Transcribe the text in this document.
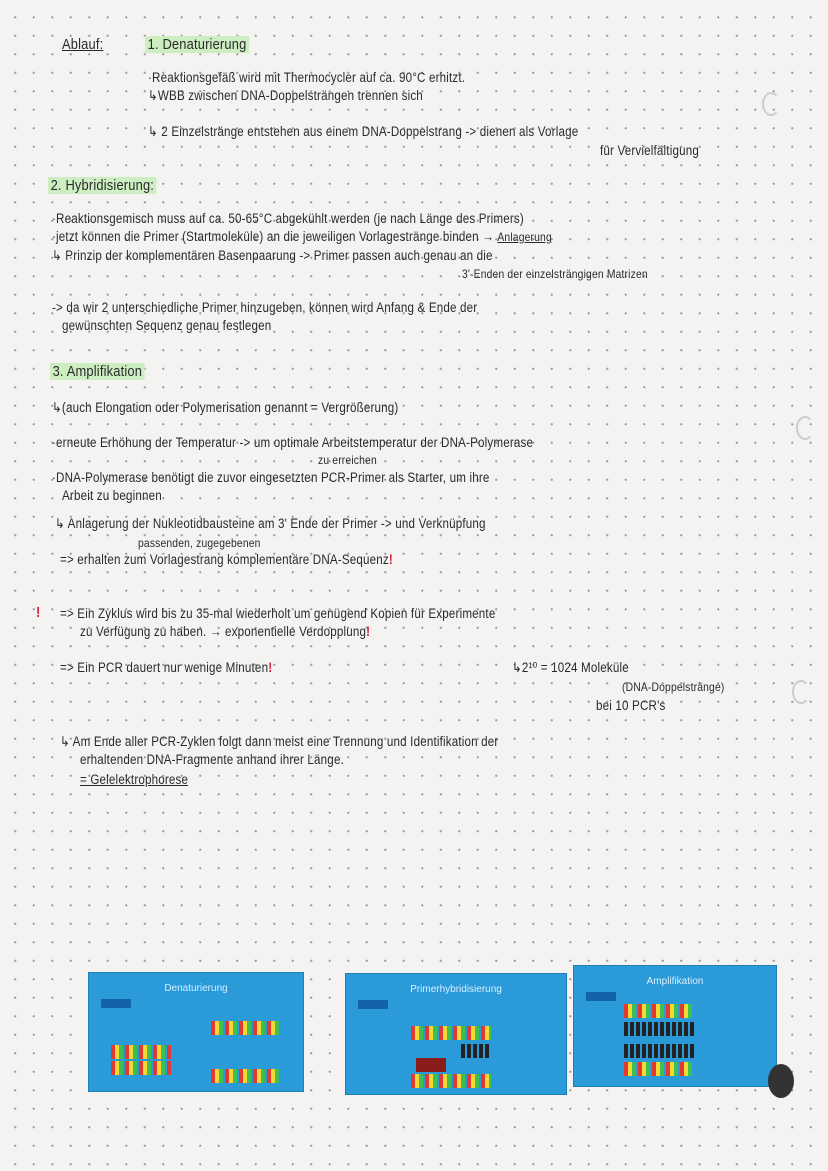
Ablauf:	1. Denaturierung
·Reaktionsgefäß wird mit Thermocycler auf ca. 90°C erhitzt.
↳WBB zwischen DNA-Doppelsträngen trennen sich
↳ 2 Einzelstränge entstehen aus einem DNA-Doppelstrang -> dienen als Vorlage
für Vervielfältigung
2. Hybridisierung:
·Reaktionsgemisch muss auf ca. 50-65°C abgekühlt werden (je nach Länge des Primers)
·jetzt können die Primer (Startmoleküle) an die jeweiligen Vorlagestränge binden → Anlagerung
↳ Prinzip der komplementären Basenpaarung -> Primer passen auch genau an die
3'-Enden der einzelsträngigen Matrizen
-> da wir 2 unterschiedliche Primer hinzugeben, können wird Anfang & Ende der
gewünschten Sequenz genau festlegen
3. Amplifikation
↳(auch Elongation oder Polymerisation genannt = Vergrößerung)
·erneute Erhöhung der Temperatur -> um optimale Arbeitstemperatur der DNA-Polymerase
zu erreichen
·DNA-Polymerase benötigt die zuvor eingesetzten PCR-Primer als Starter, um ihre
Arbeit zu beginnen
↳ Anlagerung der Nukleotidbausteine am 3' Ende der Primer -> und Verknüpfung
passenden, zugegebenen
=> erhalten zum Vorlagestrang komplementäre DNA-Sequenz!
! => Ein Zyklus wird bis zu 35-mal wiederholt um genügend Kopien für Experimente
zu Verfügung zu haben. → exponentielle Verdopplung!
=> Ein PCR dauert nur wenige Minuten!	↳2¹⁰ = 1024 Moleküle
(DNA-Doppelstränge)
bei 10 PCR's
↳ Am Ende aller PCR-Zyklen folgt dann meist eine Trennung und Identifikation der
erhaltenden DNA-Fragmente anhand ihrer Länge.
= Gelelektrophorese
Denaturierung	Primerhybridisierung
Amplifikation
